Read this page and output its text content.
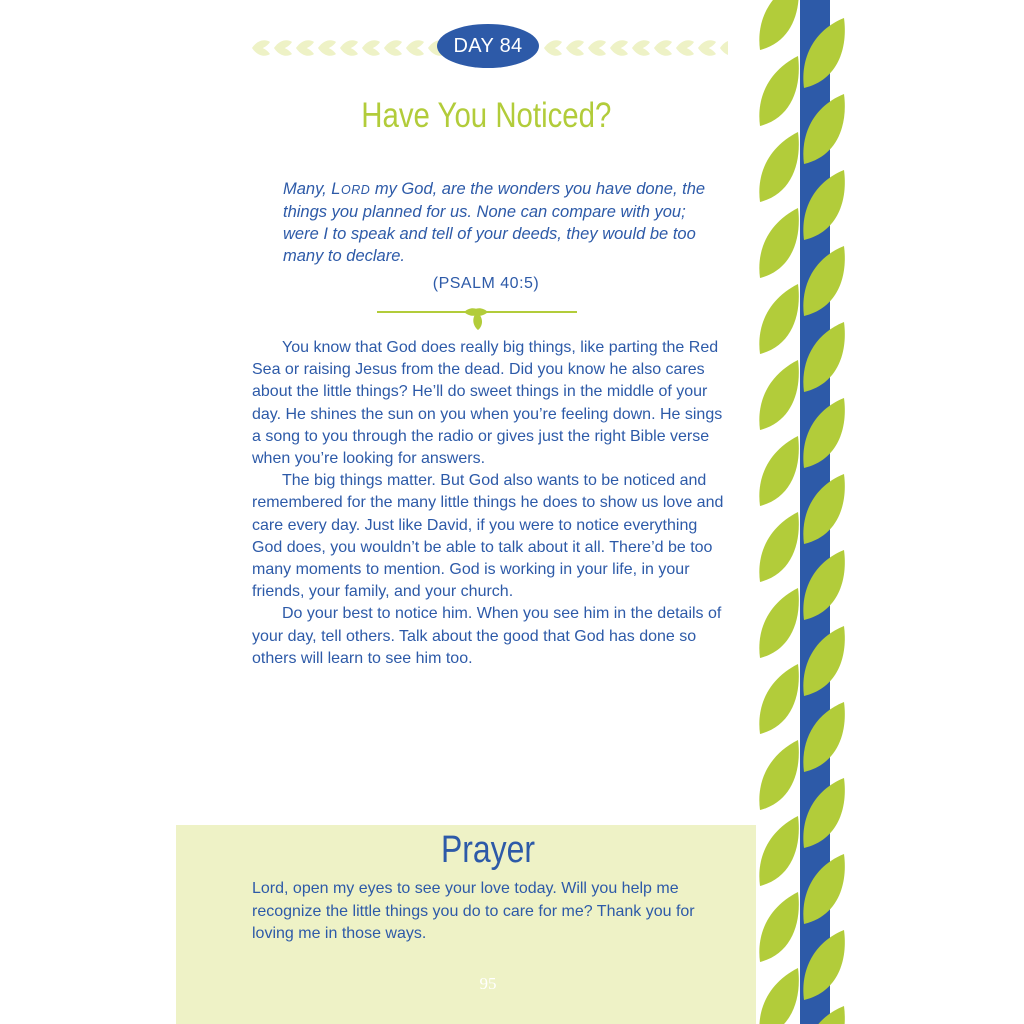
DAY 84
Have You Noticed?
Many, LORD my God, are the wonders you have done, the things you planned for us. None can compare with you; were I to speak and tell of your deeds, they would be too many to declare.
(PSALM 40:5)

You know that God does really big things, like parting the Red Sea or raising Jesus from the dead. Did you know he also cares about the little things? He’ll do sweet things in the middle of your day. He shines the sun on you when you’re feeling down. He sings a song to you through the radio or gives just the right Bible verse when you’re looking for answers.

The big things matter. But God also wants to be noticed and remembered for the many little things he does to show us love and care every day. Just like David, if you were to notice everything God does, you wouldn’t be able to talk about it all. There’d be too many moments to mention. God is working in your life, in your friends, your family, and your church.

Do your best to notice him. When you see him in the details of your day, tell others. Talk about the good that God has done so others will learn to see him too.

Prayer
Lord, open my eyes to see your love today. Will you help me recognize the little things you do to care for me? Thank you for loving me in those ways.
95
